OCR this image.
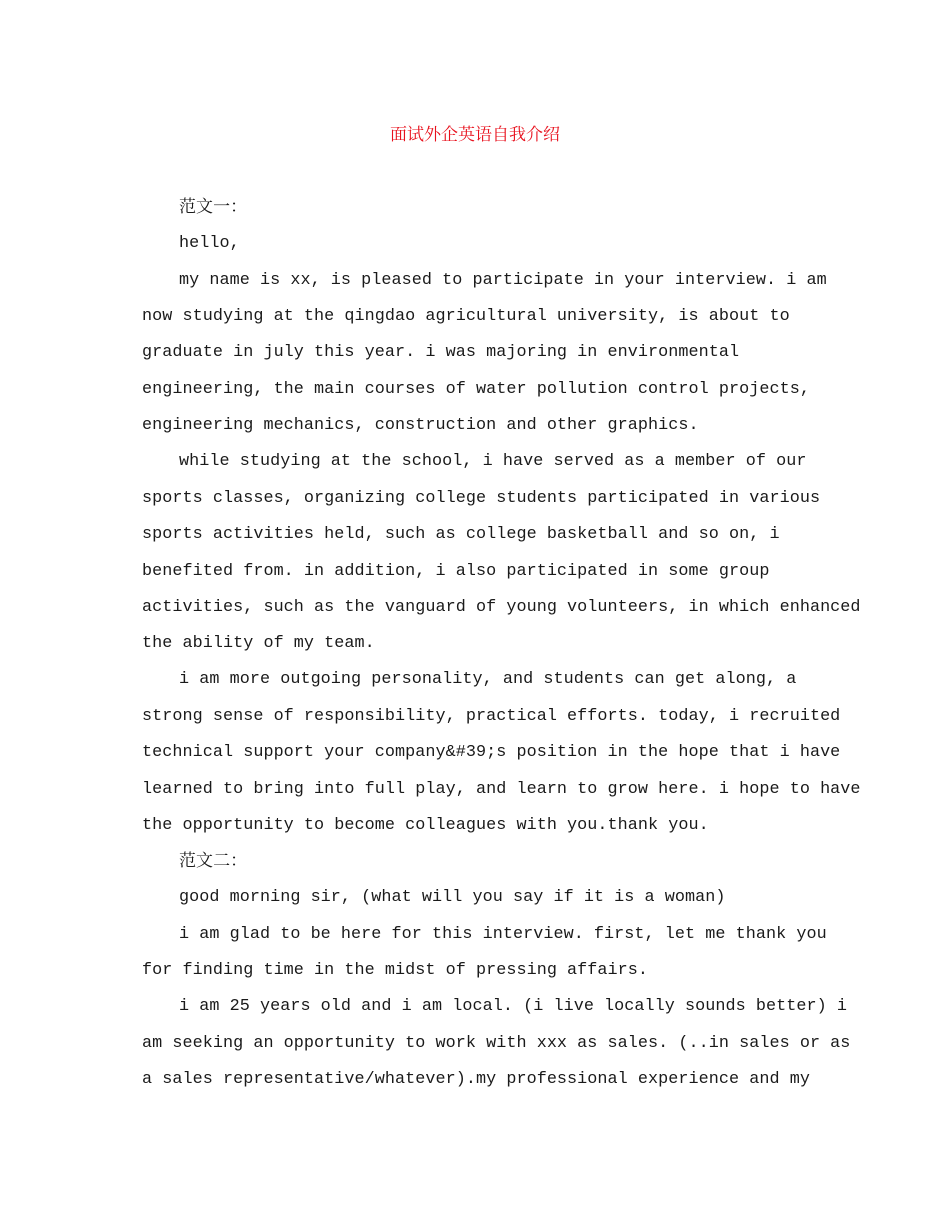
面试外企英语自我介绍
范文一：
hello,
my name is xx, is pleased to participate in your interview. i am
now studying at the qingdao agricultural university, is about to
graduate in july this year. i was majoring in environmental
engineering, the main courses of water pollution control projects,
engineering mechanics, construction and other graphics.
while studying at the school, i have served as a member of our
sports classes, organizing college students participated in various
sports activities held, such as college basketball and so on, i
benefited from. in addition, i also participated in some group
activities, such as the vanguard of young volunteers, in which enhanced
the ability of my team.
i am more outgoing personality, and students can get along, a
strong sense of responsibility, practical efforts. today, i recruited
technical support your company&#39;s position in the hope that i have
learned to bring into full play, and learn to grow here. i hope to have
the opportunity to become colleagues with you.thank you.
范文二：
good morning sir, (what will you say if it is a woman)
i am glad to be here for this interview. first, let me thank you
for finding time in the midst of pressing affairs.
i am 25 years old and i am local. (i live locally sounds better) i
am seeking an opportunity to work with xxx as sales. (..in sales or as
a sales representative/whatever).my professional experience and my
